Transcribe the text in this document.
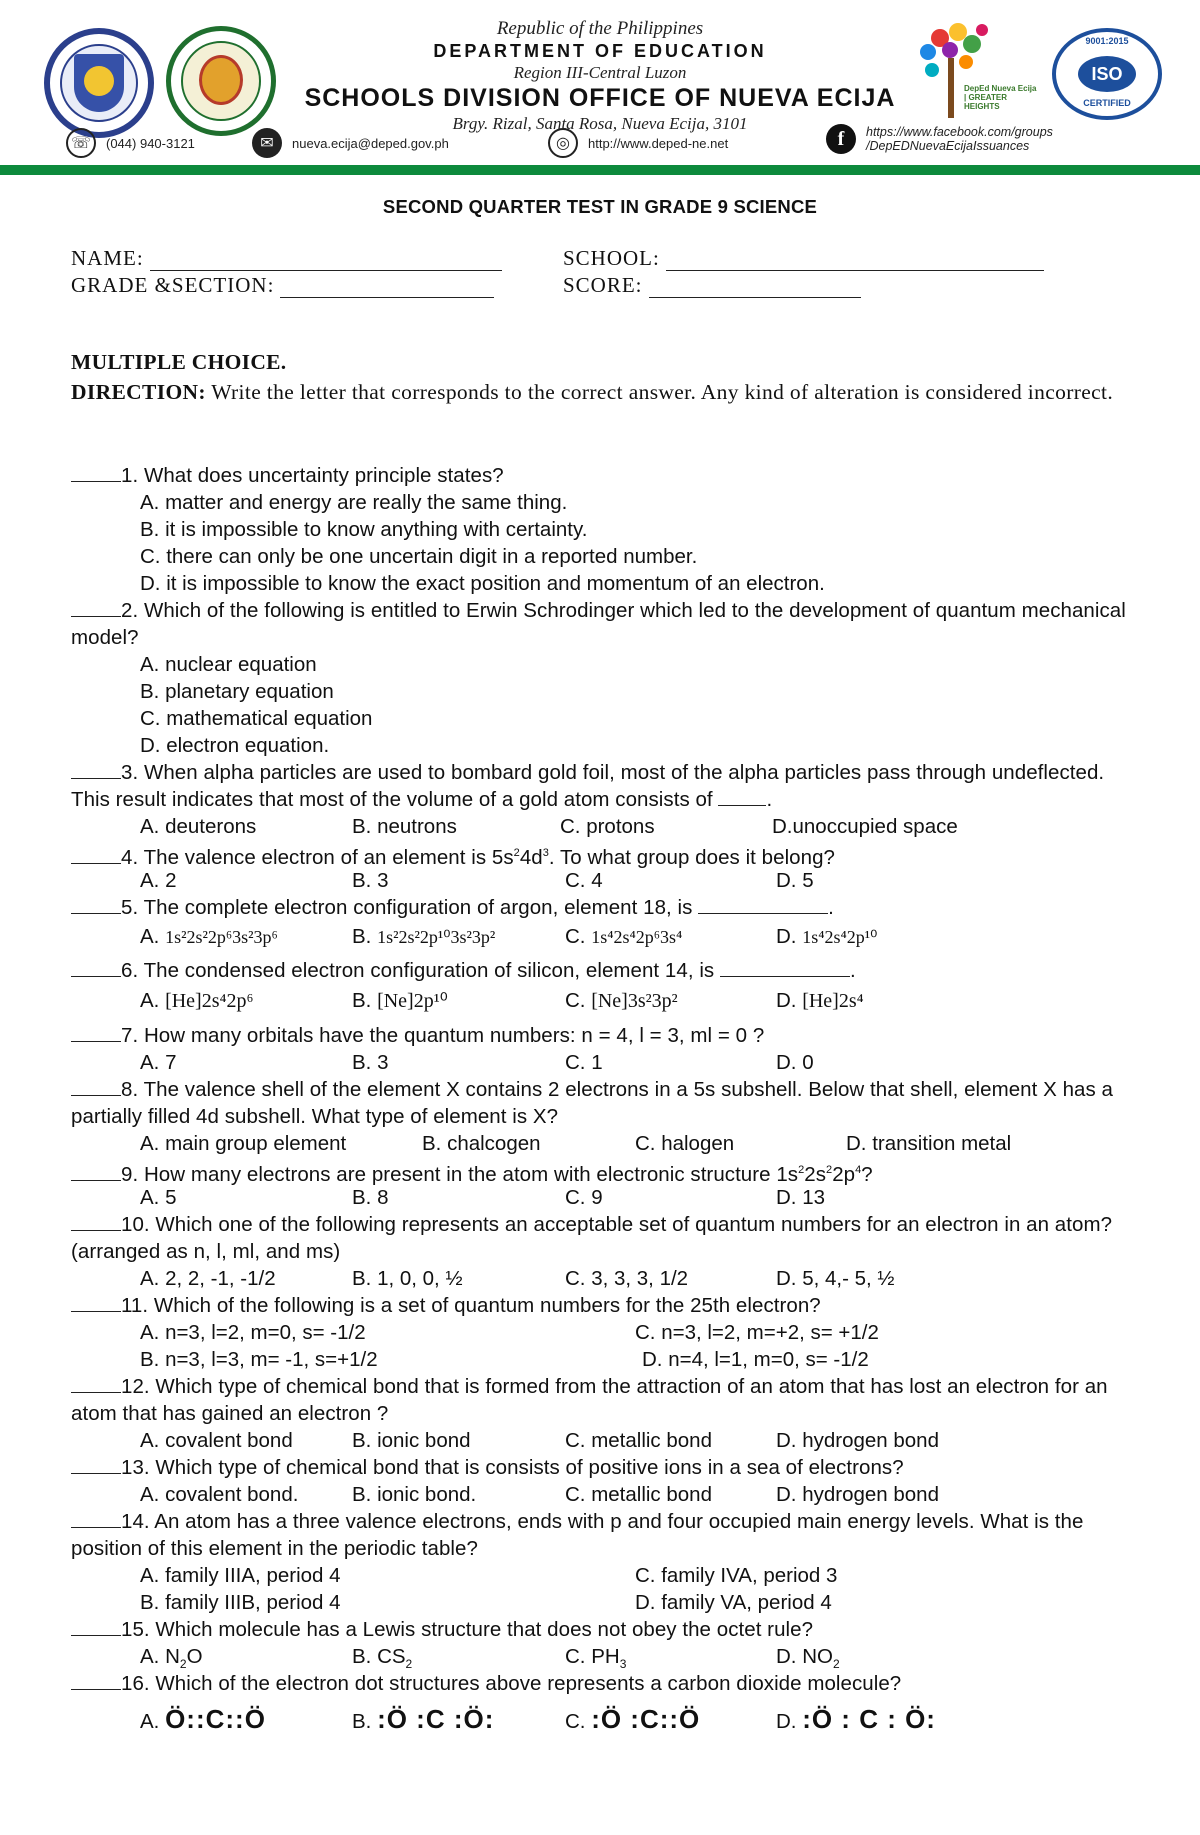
Republic of the Philippines
DEPARTMENT OF EDUCATION
Region III-Central Luzon
SCHOOLS DIVISION OFFICE OF NUEVA ECIJA
Brgy. Rizal, Santa Rosa, Nueva Ecija, 3101
DepEd Nueva Ecija | GREATER HEIGHTS
9001:2015
ISO
CERTIFIED
☏	(044) 940-3121	✉	nueva.ecija@deped.gov.ph	◎	http://www.deped-ne.net	f	https://www.facebook.com/groups
/DepEDNuevaEcijaIssuances
SECOND QUARTER TEST IN GRADE 9 SCIENCE
NAME:	SCHOOL:
GRADE &SECTION:	SCORE:
MULTIPLE CHOICE.
DIRECTION: Write the letter that corresponds to the correct answer. Any kind of alteration is considered incorrect.
1. What does uncertainty principle states?
A. matter and energy are really the same thing.
B. it is impossible to know anything with certainty.
C. there can only be one uncertain digit in a reported number.
D. it is impossible to know the exact position and momentum of an electron.
2. Which of the following is entitled to Erwin Schrodinger which led to the development of quantum mechanical model?
A. nuclear equation
B. planetary equation
C. mathematical equation
D. electron equation.
3. When alpha particles are used to bombard gold foil, most of the alpha particles pass through undeflected. This result indicates that most of the volume of a gold atom consists of	.
A. deuterons	B. neutrons	C. protons	D.unoccupied space
4. The valence electron of an element is $5s^24d^3$. To what group does it belong?
A. 2	B. 3	C. 4	D. 5
5. The complete electron configuration of argon, element 18, is	.
A. 1s²2s²2p⁶3s²3p⁶	B. 1s²2s²2p¹⁰3s²3p²	C. 1s⁴2s⁴2p⁶3s⁴	D. 1s⁴2s⁴2p¹⁰
6. The condensed electron configuration of silicon, element 14, is	.
A. [He]2s⁴2p⁶	B. [Ne]2p¹⁰	C. [Ne]3s²3p²	D. [He]2s⁴
7. How many orbitals have the quantum numbers: n = 4, l = 3, ml = 0 ?
A. 7	B. 3	C. 1	D. 0
8. The valence shell of the element X contains 2 electrons in a 5s subshell. Below that shell, element X has a partially filled 4d subshell. What type of element is X?
A. main group element	B. chalcogen	C. halogen	D. transition metal
9. How many electrons are present in the atom with electronic structure $1s^22s^22p^4$?
A. 5	B. 8	C. 9	D. 13
10. Which one of the following represents an acceptable set of quantum numbers for an electron in an atom? (arranged as n, l, ml, and ms)
A. 2, 2, -1, -1/2	B. 1, 0, 0, ½	C. 3, 3, 3, 1/2	D. 5, 4,- 5, ½
11. Which of the following is a set of quantum numbers for the 25th electron?
A. n=3, l=2, m=0, s= -1/2	C. n=3, l=2, m=+2, s= +1/2
B. n=3, l=3, m= -1, s=+1/2	D. n=4, l=1, m=0, s= -1/2
12. Which type of chemical bond that is formed from the attraction of an atom that has lost an electron for an atom that has gained an electron ?
A. covalent bond	B. ionic bond	C. metallic bond	D. hydrogen bond
13. Which type of chemical bond that is consists of positive ions in a sea of electrons?
A. covalent bond.	B. ionic bond.	C. metallic bond	D. hydrogen bond
14. An atom has a three valence electrons, ends with p and four occupied main energy levels. What is the position of this element in the periodic table?
A. family IIIA, period 4	C. family IVA, period 3
B. family IIIB, period 4	D. family VA, period 4
15. Which molecule has a Lewis structure that does not obey the octet rule?
A. $N_2O$	B. $CS_2$	C. $PH_3$	D. $NO_2$
16. Which of the electron dot structures above represents a carbon dioxide molecule?
A. Ö::C::Ö	B. :Ö :C :Ö:	C. :Ö :C::Ö	D. :Ö : C : Ö:
